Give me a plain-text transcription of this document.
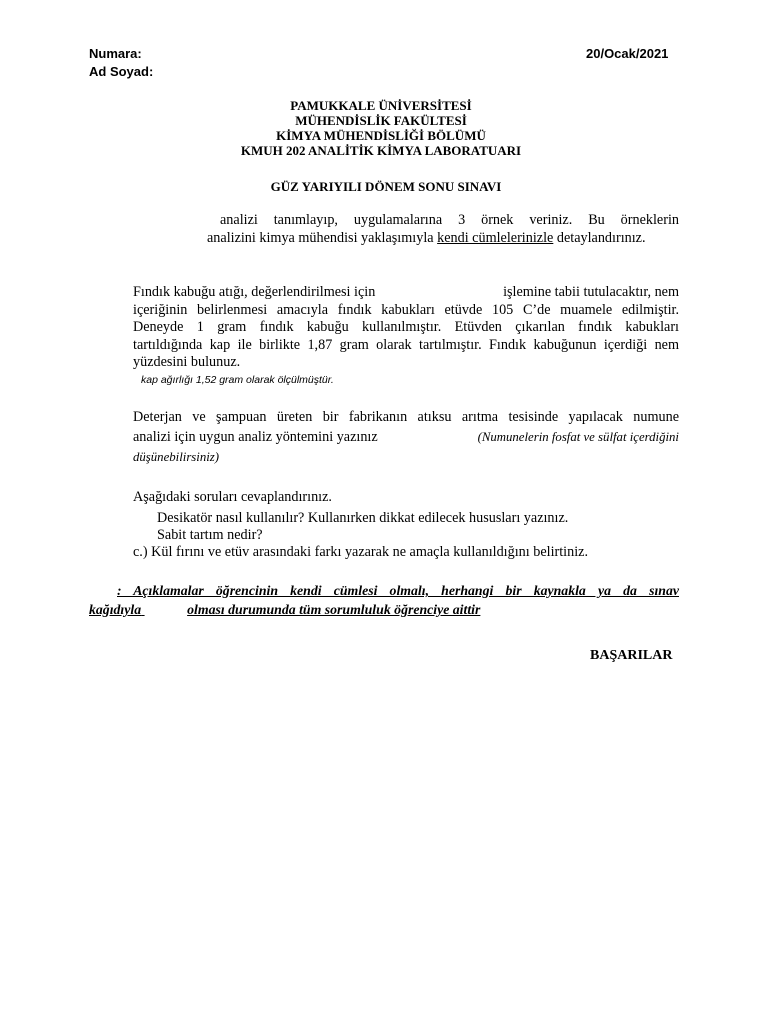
Numara:
Ad Soyad:
20/Ocak/2021
PAMUKKALE ÜNİVERSİTESİ
MÜHENDİSLİK FAKÜLTESİ
KİMYA MÜHENDİSLİĞİ BÖLÜMÜ
KMUH 202 ANALİTİK KİMYA LABORATUARI
GÜZ YARIYILI DÖNEM SONU SINAVI
analizi tanımlayıp, uygulamalarına 3 örnek veriniz. Bu örneklerin
analizini kimya mühendisi yaklaşımıyla kendi cümlelerinizle detaylandırınız.
Fındık kabuğu atığı, değerlendirilmesi için	işlemine tabii tutulacaktır, nem
içeriğinin belirlenmesi amacıyla fındık kabukları etüvde 105 C’de muamele edilmiştir.
Deneyde 1 gram fındık kabuğu kullanılmıştır. Etüvden çıkarılan fındık kabukları
tartıldığında kap ile birlikte 1,87 gram olarak tartılmıştır. Fındık kabuğunun içerdiği nem
yüzdesini bulunuz.
kap ağırlığı 1,52 gram olarak ölçülmüştür.
Deterjan ve şampuan üreten bir fabrikanın atıksu arıtma tesisinde yapılacak numune
analizi için uygun analiz yöntemini yazınız	(Numunelerin fosfat ve sülfat içerdiğini
düşünebilirsiniz)
Aşağıdaki soruları cevaplandırınız.
Desikatör nasıl kullanılır? Kullanırken dikkat edilecek hususları yazınız.
Sabit tartım nedir?
c.) Kül fırını ve etüv arasındaki farkı yazarak ne amaçla kullanıldığını belirtiniz.
: Açıklamalar öğrencinin kendi cümlesi olmalı, herhangi bir kaynakla ya da sınav
kağıdıyla	olması durumunda tüm sorumluluk öğrenciye aittir
BAŞARILAR
